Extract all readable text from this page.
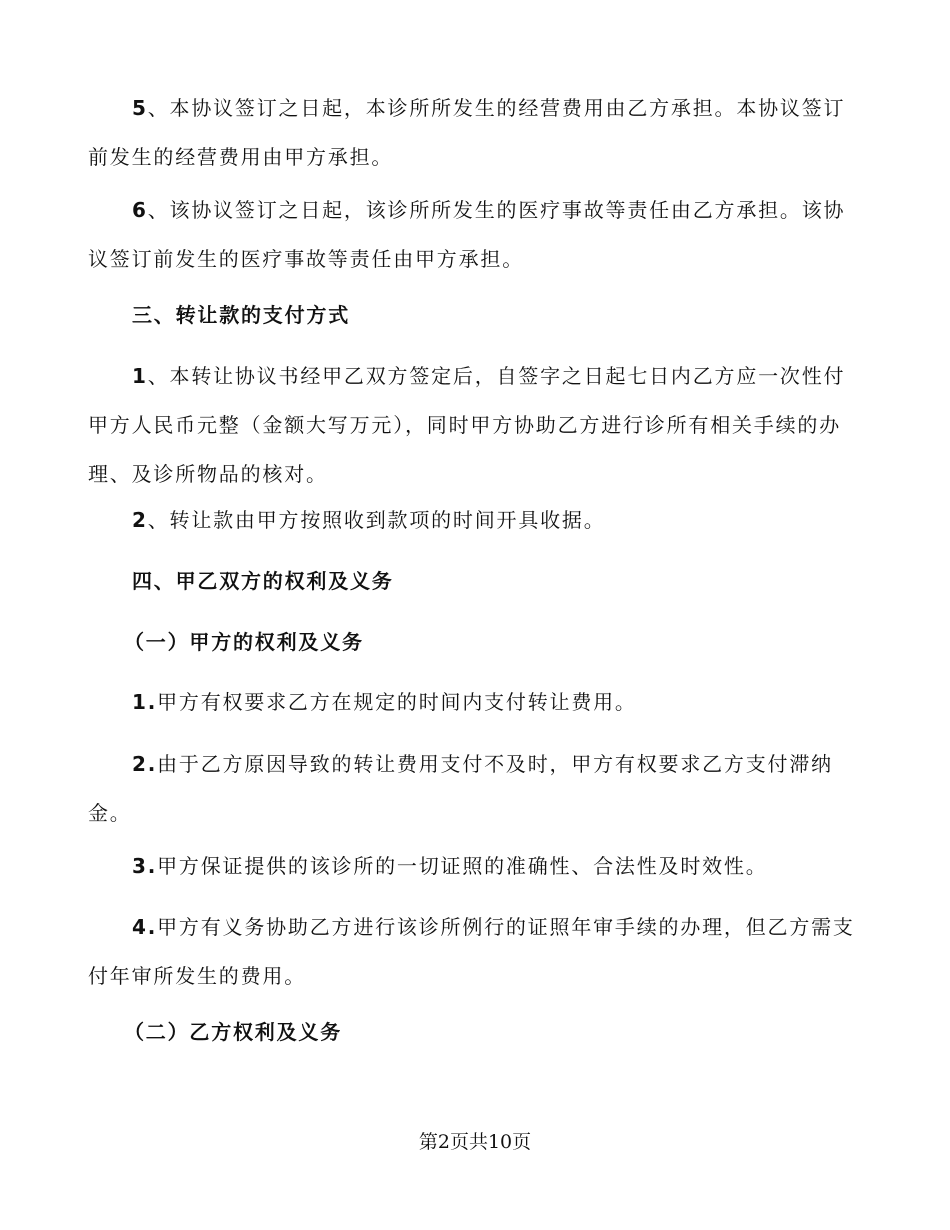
5、本协议签订之日起，本诊所所发生的经营费用由乙方承担。本协议签订前发生的经营费用由甲方承担。

6、该协议签订之日起，该诊所所发生的医疗事故等责任由乙方承担。该协议签订前发生的医疗事故等责任由甲方承担。

三、转让款的支付方式

1、本转让协议书经甲乙双方签定后，自签字之日起七日内乙方应一次性付甲方人民币元整（金额大写万元），同时甲方协助乙方进行诊所有相关手续的办理、及诊所物品的核对。

2、转让款由甲方按照收到款项的时间开具收据。

四、甲乙双方的权利及义务
（一）甲方的权利及义务

1.甲方有权要求乙方在规定的时间内支付转让费用。

2.由于乙方原因导致的转让费用支付不及时，甲方有权要求乙方支付滞纳金。

3.甲方保证提供的该诊所的一切证照的准确性、合法性及时效性。

4.甲方有义务协助乙方进行该诊所例行的证照年审手续的办理，但乙方需支付年审所发生的费用。

（二）乙方权利及义务
第2页共10页
